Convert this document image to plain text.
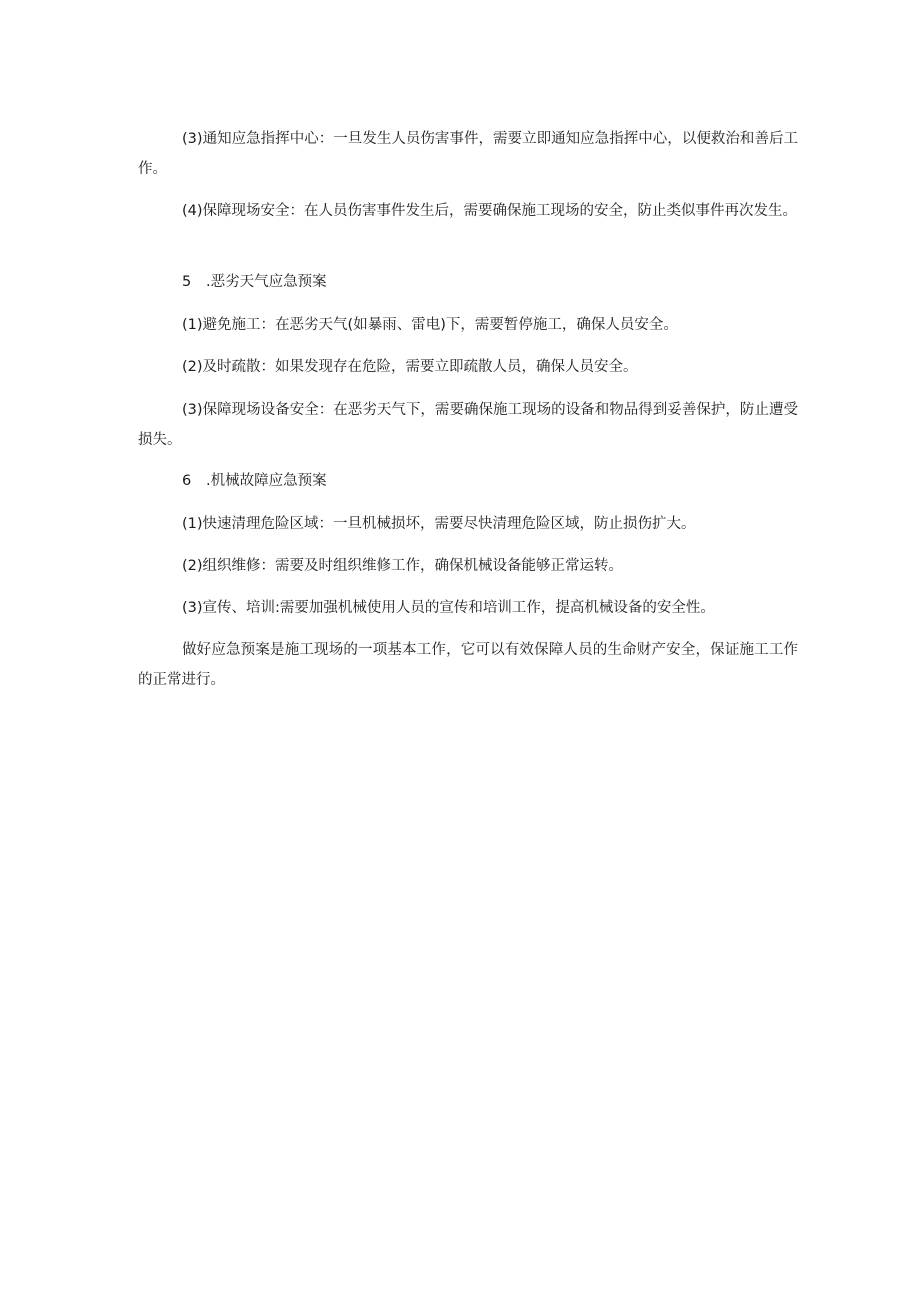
(3)通知应急指挥中心：一旦发生人员伤害事件，需要立即通知应急指挥中心，以便救治和善后工作。

(4)保障现场安全：在人员伤害事件发生后，需要确保施工现场的安全，防止类似事件再次发生。

5 .恶劣天气应急预案

(1)避免施工：在恶劣天气(如暴雨、雷电)下，需要暂停施工，确保人员安全。

(2)及时疏散：如果发现存在危险，需要立即疏散人员，确保人员安全。

(3)保障现场设备安全：在恶劣天气下，需要确保施工现场的设备和物品得到妥善保护，防止遭受损失。

6 .机械故障应急预案

(1)快速清理危险区域：一旦机械损坏，需要尽快清理危险区域，防止损伤扩大。

(2)组织维修：需要及时组织维修工作，确保机械设备能够正常运转。

(3)宣传、培训:需要加强机械使用人员的宣传和培训工作，提高机械设备的安全性。

做好应急预案是施工现场的一项基本工作，它可以有效保障人员的生命财产安全，保证施工工作的正常进行。
